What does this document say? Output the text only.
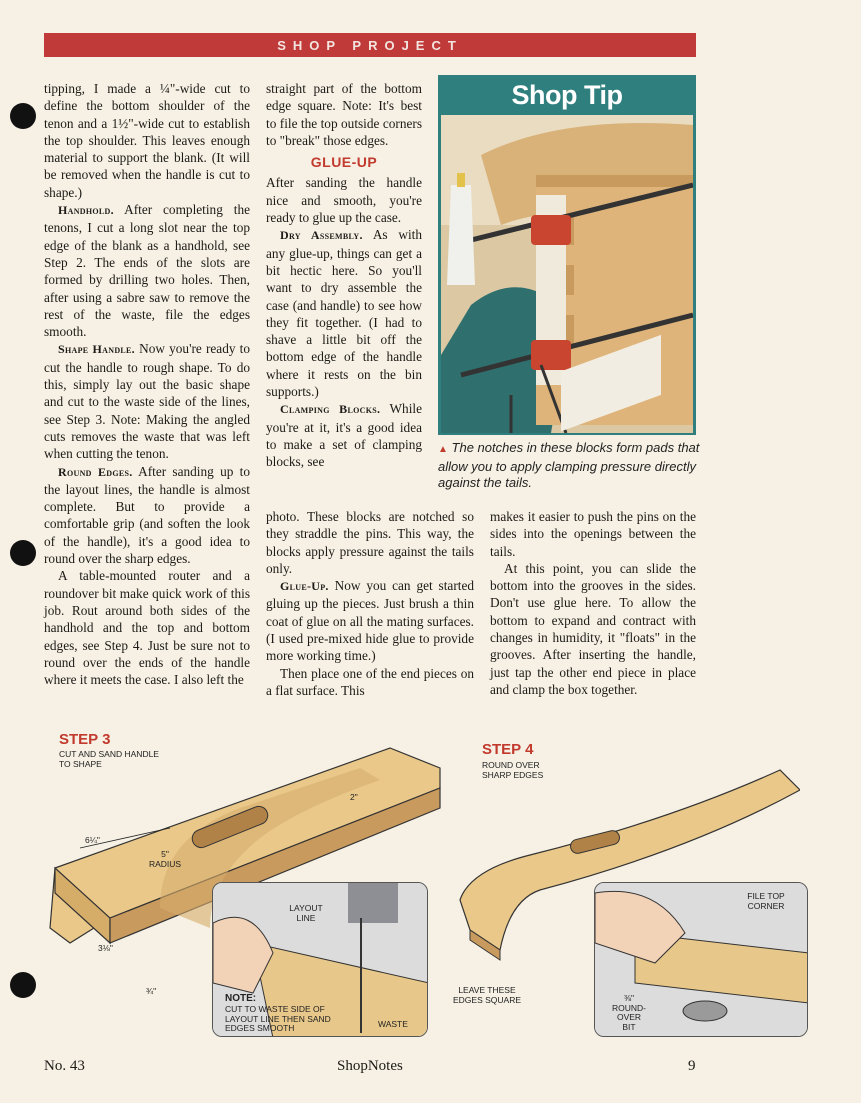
SHOP PROJECT

tipping, I made a ¼"-wide cut to define the bottom shoulder of the tenon and a 1½"-wide cut to establish the top shoulder. This leaves enough material to support the blank. (It will be removed when the handle is cut to shape.)

Handhold. After completing the tenons, I cut a long slot near the top edge of the blank as a handhold, see Step 2. The ends of the slots are formed by drilling two holes. Then, after using a sabre saw to remove the rest of the waste, file the edges smooth.

Shape Handle. Now you're ready to cut the handle to rough shape. To do this, simply lay out the basic shape and cut to the waste side of the lines, see Step 3. Note: Making the angled cuts removes the waste that was left when cutting the tenon.

Round Edges. After sanding up to the layout lines, the handle is almost complete. But to provide a comfortable grip (and soften the look of the handle), it's a good idea to round over the sharp edges.

A table-mounted router and a roundover bit make quick work of this job. Rout around both sides of the handhold and the top and bottom edges, see Step 4. Just be sure not to round over the ends of the handle where it meets the case. I also left the

straight part of the bottom edge square. Note: It's best to file the top outside corners to "break" those edges.

GLUE-UP

After sanding the handle nice and smooth, you're ready to glue up the case.

Dry Assembly. As with any glue-up, things can get a bit hectic here. So you'll want to dry assemble the case (and handle) to see how they fit together. (I had to shave a little bit off the bottom edge of the handle where it rests on the bin supports.)

Clamping Blocks. While you're at it, it's a good idea to make a set of clamping blocks, see

photo. These blocks are notched so they straddle the pins. This way, the blocks apply pressure against the tails only.

Glue-Up. Now you can get started gluing up the pieces. Just brush a thin coat of glue on all the mating surfaces. (I used pre-mixed hide glue to provide more working time.)

Then place one of the end pieces on a flat surface. This

makes it easier to push the pins on the sides into the openings between the tails.

At this point, you can slide the bottom into the grooves in the sides. Don't use glue here. To allow the bottom to expand and contract with changes in humidity, it "floats" in the grooves. After inserting the handle, just tap the other end piece in place and clamp the box together.

Shop Tip
▲ The notches in these blocks form pads that allow you to apply clamping pressure directly against the tails.
STEP 3
CUT AND SAND HANDLE TO SHAPE
2"
6¼"
5" RADIUS
3⅛"
¾"
LAYOUT LINE
NOTE:
CUT TO WASTE SIDE OF LAYOUT LINE THEN SAND EDGES SMOOTH	WASTE
STEP 4
ROUND OVER SHARP EDGES
LEAVE THESE EDGES SQUARE
FILE TOP CORNER
⅜" ROUND-OVER BIT
No. 43	ShopNotes	9
